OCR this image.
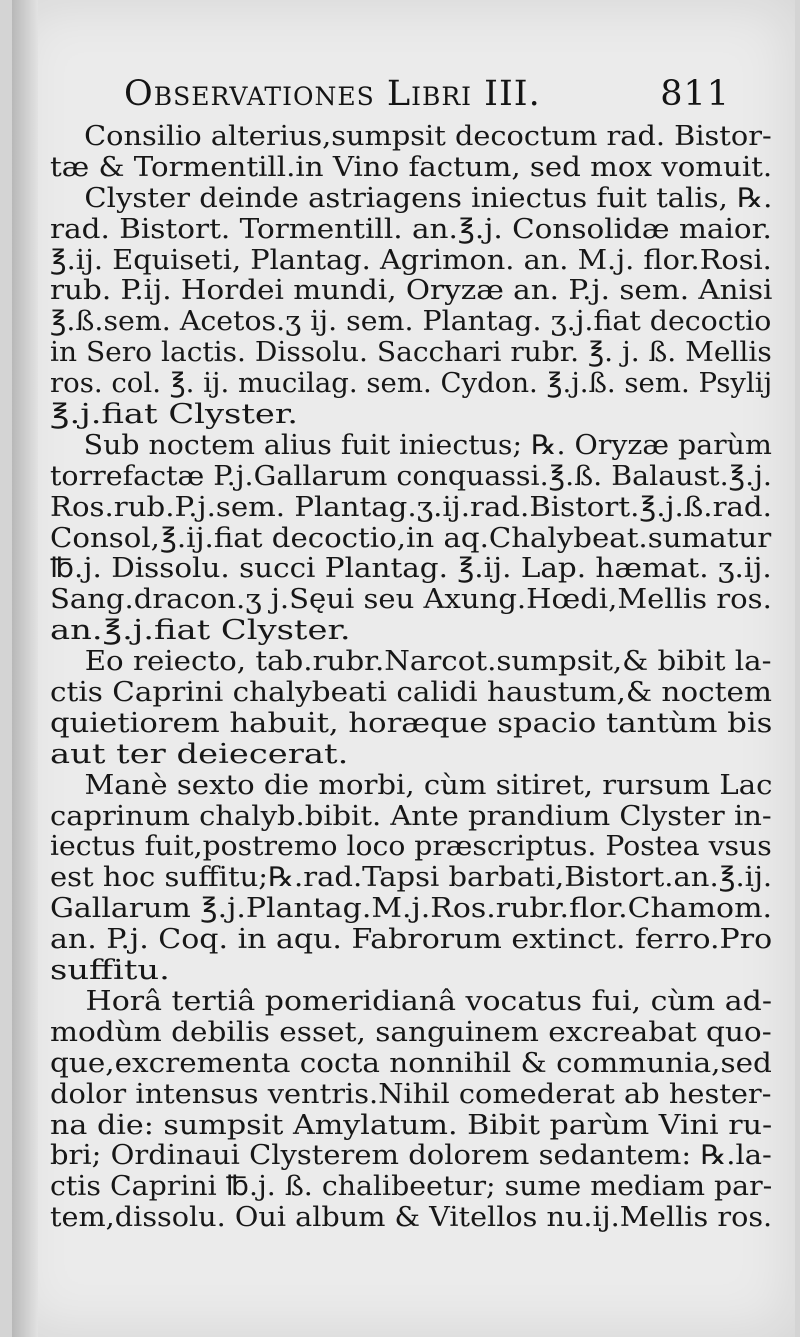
Observationes Libri III.	811
Consilio alterius,sumpsit decoctum rad. Bistor-
tæ & Tormentill.in Vino factum, sed mox vomuit.
Clyster deinde astriagens iniectus fuit talis, ℞.
rad. Bistort. Tormentill. an.℥.j. Consolidæ maior.
℥.ij. Equiseti, Plantag. Agrimon. an. M.j. flor.Rosi.
rub. P.ij. Hordei mundi, Oryzæ an. P.j. sem. Anisi
℥.ß.sem. Acetos.ʒ ij. sem. Plantag. ʒ.j.fiat decoctio
in Sero lactis. Dissolu. Sacchari rubr. ℥. j. ß. Mellis
ros. col. ℥. ij. mucilag. sem. Cydon. ℥.j.ß. sem. Psylij
℥.j.fiat Clyster.
Sub noctem alius fuit iniectus; ℞. Oryzæ parùm
torrefactæ P.j.Gallarum conquassi.℥.ß. Balaust.℥.j.
Ros.rub.P.j.sem. Plantag.ʒ.ij.rad.Bistort.℥.j.ß.rad.
Consol,℥.ij.fiat decoctio,in aq.Chalybeat.sumatur
℔.j. Dissolu. succi Plantag. ℥.ij. Lap. hæmat. ʒ.ij.
Sang.dracon.ʒ j.Sęui seu Axung.Hœdi,Mellis ros.
an.℥.j.fiat Clyster.
Eo reiecto, tab.rubr.Narcot.sumpsit,& bibit la-
ctis Caprini chalybeati calidi haustum,& noctem
quietiorem habuit, horæque spacio tantùm bis
aut ter deiecerat.
Manè sexto die morbi, cùm sitiret, rursum Lac
caprinum chalyb.bibit. Ante prandium Clyster in-
iectus fuit,postremo loco præscriptus. Postea vsus
est hoc suffitu;℞.rad.Tapsi barbati,Bistort.an.℥.ij.
Gallarum ℥.j.Plantag.M.j.Ros.rubr.flor.Chamom.
an. P.j. Coq. in aqu. Fabrorum extinct. ferro.Pro
suffitu.
Horâ tertiâ pomeridianâ vocatus fui, cùm ad-
modùm debilis esset, sanguinem excreabat quo-
que,excrementa cocta nonnihil & communia,sed
dolor intensus ventris.Nihil comederat ab hester-
na die: sumpsit Amylatum. Bibit parùm Vini ru-
bri; Ordinaui Clysterem dolorem sedantem: ℞.la-
ctis Caprini ℔.j. ß. chalibeetur; sume mediam par-
tem,dissolu. Oui album & Vitellos nu.ij.Mellis ros.
